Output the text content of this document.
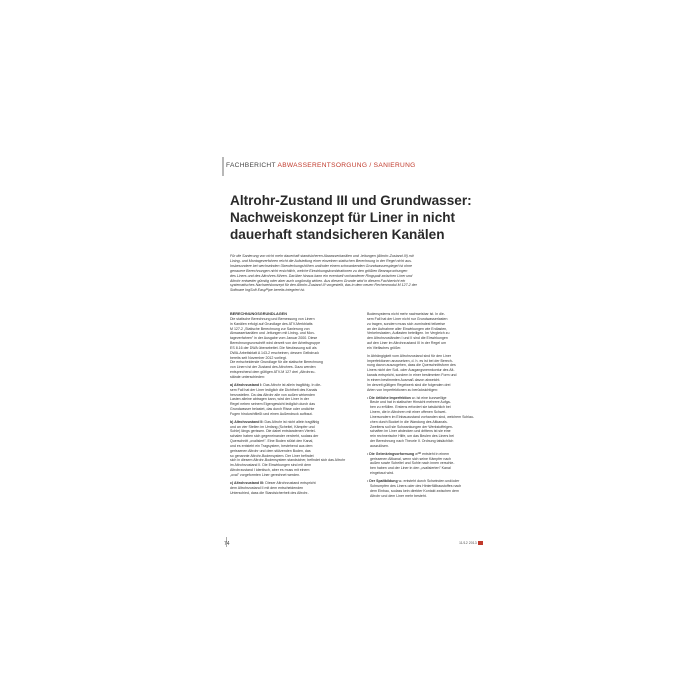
FACHBERICHT ABWASSERENTSORGUNG / SANIERUNG
Altrohr-Zustand III und Grundwasser:
Nachweiskonzept für Liner in nicht
dauerhaft standsicheren Kanälen
Für die Sanierung von nicht mehr dauerhaft standsicheren Abwasserkanälen und -leitungen (Altrohr-Zustand III) mit
Lining- und Montageverfahren reicht die Aufstellung einer einzelnen statischen Berechnung in der Regel nicht aus.
Insbesondere bei wechselnden Überdeckungshöhen und/oder einem schwankenden Grundwasserspiegel ist ohne
genauere Berechnungen nicht ersichtlich, welche Einwirkungskombinationen zu den größten Beanspruchungen
des Liners und des Altrohres führen. Darüber hinaus kann ein eventuell vorhandener Ringspalt zwischen Liner und
Altrohr entweder günstig oder aber auch ungünstig wirken. Aus diesem Grunde wird in diesem Fachbericht ein
systematisches Nachweiskonzept für den Altrohr-Zustand III vorgestellt, das in dem neuen Rechenmodul M 127-2 der
Software IngSoft EasyPipe bereits integriert ist.
BERECHNUNGSGRUNDLAGEN
Die statische Berechnung und Bemessung von Linern
in Kanälen erfolgt auf Grundlage des ATV-Merkblatts
M 127-2 „Statische Berechnung zur Sanierung von
Abwasserkanälen und -leitungen mit Lining- und Mon-
tageverfahren" in der Ausgabe vom Januar 2000. Diese
Berechnungsvorschrift wird derzeit von der Arbeitsgruppe
ES 8.16 der DWA überarbeitet. Die Neufassung soll als
DWA-Arbeitsblatt A 143-2 erscheinen, dessen Gelbdruck
bereits seit November 2012 vorliegt.
Die entscheidende Grundlage für die statische Berechnung
von Linern ist der Zustand des Altrohres. Dazu werden
entsprechend dem gültigen ATV-M 127 drei „Altrohrzu-
stände unterschieden:
a) Altrohrzustand I: Das Altrohr ist allein tragfähig. In die-
sem Fall hat der Liner lediglich die Dichtheit des Kanals
herzustellen. Da das Altrohr alle von außen wirkenden
Lasten alleine abtragen kann, wird der Liner in der
Regel neben seinem Eigengewicht lediglich durch das
Grundwasser belastet, das durch Risse oder undichte
Fugen hindurchfließt und einen Außendruck aufbaut.
b) Altrohrzustand II: Das Altrohr ist nicht allein tragfähig
und an vier Stellen im Umfang (Scheitel, Kämpfer und
Sohle) längs gerissen. Die dabei entstandenen Viertel-
schalen haben sich gegeneinander verdreht, sodass der
Querschnitt „ovalisiert". Eine Boden stützt den Kanal,
und es entsteht ein Tragsystem, bestehend aus dem
gerissenen Altrohr und dem stützenden Boden, das
so genannte Altrohr-Bodensystem. Der Liner befindet
sich in diesem Altrohr-Bodensystem standsicher, befindet sich das Altrohr
im Altrohrzustand II. Die Einwirkungen sind mit dem
Altrohrzustand I identisch, aber es muss mit einem
„oval" vorgeformten Liner gerechnet werden.
c) Altrohrzustand III: Dieser Altrohrzustand entspricht
dem Altrohrzustand II mit dem entscheidenden
Unterschied, dass die Standsicherheit des Altrohr-
Bodensystems nicht mehr nachweisbar ist. In die-
sem Fall hat der Liner nicht nur Grundwasserlasten
zu tragen, sondern muss sich zumindest teilweise
an der Aufnahme aller Einwirkungen wie Erdlasten,
Verkehrslasten, Auflasten beteiligen. Im Vergleich zu
den Altrohrzuständen I und II sind die Einwirkungen
auf den Liner im Altrohrzustand III in der Regel um
ein Vielfaches größer.
In Abhängigkeit vom Altrohrzustand sind für den Liner
Imperfektionen anzusetzen, d. h. es ist bei der Berech-
nung davon auszugehen, dass die Querschnittsform des
Liners nicht der Soll- oder Ausgangsnennkontur des Alt-
kanals entspricht, sondern in einer bestimmten Form und
in einem bestimmten Ausmaß davon abweicht.
Im derzeit gültigen Regelwerk sind die folgenden drei
Arten von Imperfektionen zu berücksichtigen:
• Die örtliche Imperfektion wₛ ist eine kurzwellige
Beule und hat in statischer Hinsicht mehrere Aufga-
ben zu erfüllen. Erstens erfordert sie tatsächlich bei
Linern, die in Altrohren mit einer offenen Schwei-
Linersondern im Einbauzustand vorhanden sind, welchem Schlau-
chen durch Bucket in die Wandung des Altkanals.
Zweitens soll sie Schwankungen der Werkstoffeigen-
schaften im Liner abdecken und drittens ist sie eine
rein rechnerische Hilfe, um das Beulen des Liners bei
der Berechnung nach Theorie II. Ordnung tatsächlich
auszulösen.
• Die Gelenkringvorformung wᴳᴿ entsteht in einem
gerissenen Altkanal, wenn sich seine Kämpfer nach
außen sowie Scheitel und Sohle nach innen verschie-
ben haben und der Liner in den „ovalisierten" Kanal
eingebaut wird.
• Der Spaltbildung wₛ entsteht durch Schwinden und/oder
Schrumpfen des Liners oder des Hinterfüllbaustoffes nach
dem Einbau, sodass kein direkter Kontakt zwischen dem
Altrohr und dem Liner mehr besteht.
74	11/12 2013
